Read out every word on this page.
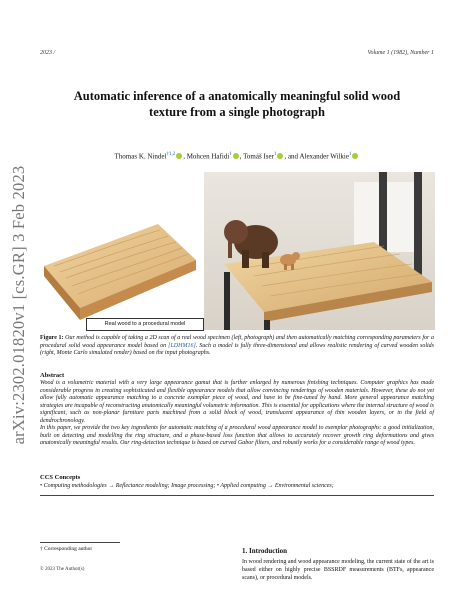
2023 /	Volume 1 (1982), Number 1
arXiv:2302.01820v1 [cs.GR] 3 Feb 2023
Automatic inference of a anatomically meaningful solid wood
texture from a single photograph
Thomas K. Nindel$^{\dagger 1,2}$ , Mohcen Hafidi$^1$ , Tomáš Iser$^1$ , and Alexander Wilkie$^1$
Real wood to a procedural model
Figure 1: Our method is capable of taking a 2D scan of a real wood specimen (left, photograph) and then automatically matching corresponding parameters for a procedural solid wood appearance model based on [LDHM16]. Such a model is fully three-dimensional and allows realistic rendering of carved wooden solids (right, Monte Carlo simulated render) based on the input photographs.
Abstract

Wood is a volumetric material with a very large appearance gamut that is further enlarged by numerous finishing techniques. Computer graphics has made considerable progress in creating sophisticated and flexible appearance models that allow convincing renderings of wooden materials. However, these do not yet allow fully automatic appearance matching to a concrete exemplar piece of wood, and have to be fine-tuned by hand. More general appearance matching strategies are incapable of reconstructing anatomically meaningful volumetric information. This is essential for applications where the internal structure of wood is significant, such as non-planar furniture parts machined from a solid block of wood, translucent appearance of thin wooden layers, or in the field of dendrochronology.

In this paper, we provide the two key ingredients for automatic matching of a procedural wood appearance model to exemplar photographs: a good initialization, built on detecting and modelling the ring structure, and a phase-based loss function that allows to accurately recover growth ring deformations and gives anatomically meaningful results. Our ring-detection technique is based on curved Gabor filters, and robustly works for a considerable range of wood types.

CCS Concepts
• Computing methodologies → Reflectance modeling; Image processing; • Applied computing → Environmental sciences;
† Corresponding author
© 2023 The Author(s)
1. Introduction
In wood rendering and wood appearance modeling, the current state of the art is based either on highly precise BSSRDF measurements (BTFs, appearance scans), or procedural models.
